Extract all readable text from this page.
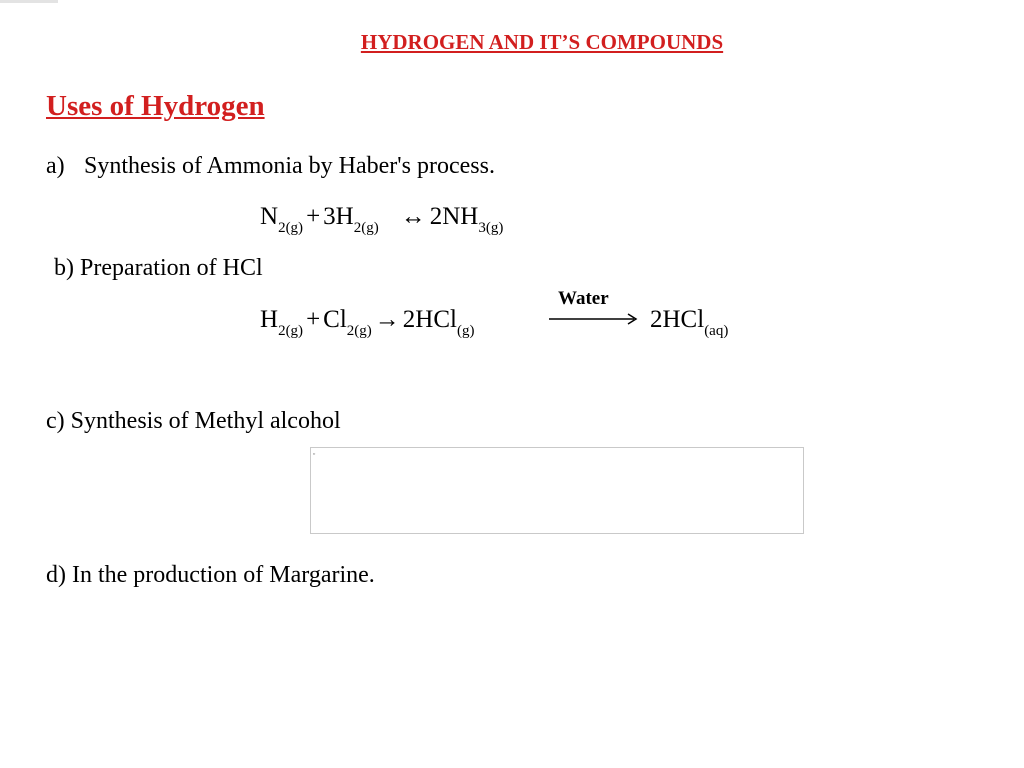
HYDROGEN AND IT’S COMPOUNDS
Uses of Hydrogen
a) Synthesis of Ammonia by Haber's process.
$N_{2(g)} + 3H_{2(g)}$ ↔ $2NH_{3(g)}$
b) Preparation of HCl
Water
$H_{2(g)} + Cl_{2(g)} \to 2HCl_{(g)}$	2HCl$_{(aq)}$
c) Synthesis of Methyl alcohol
„
d) In the production of Margarine.
